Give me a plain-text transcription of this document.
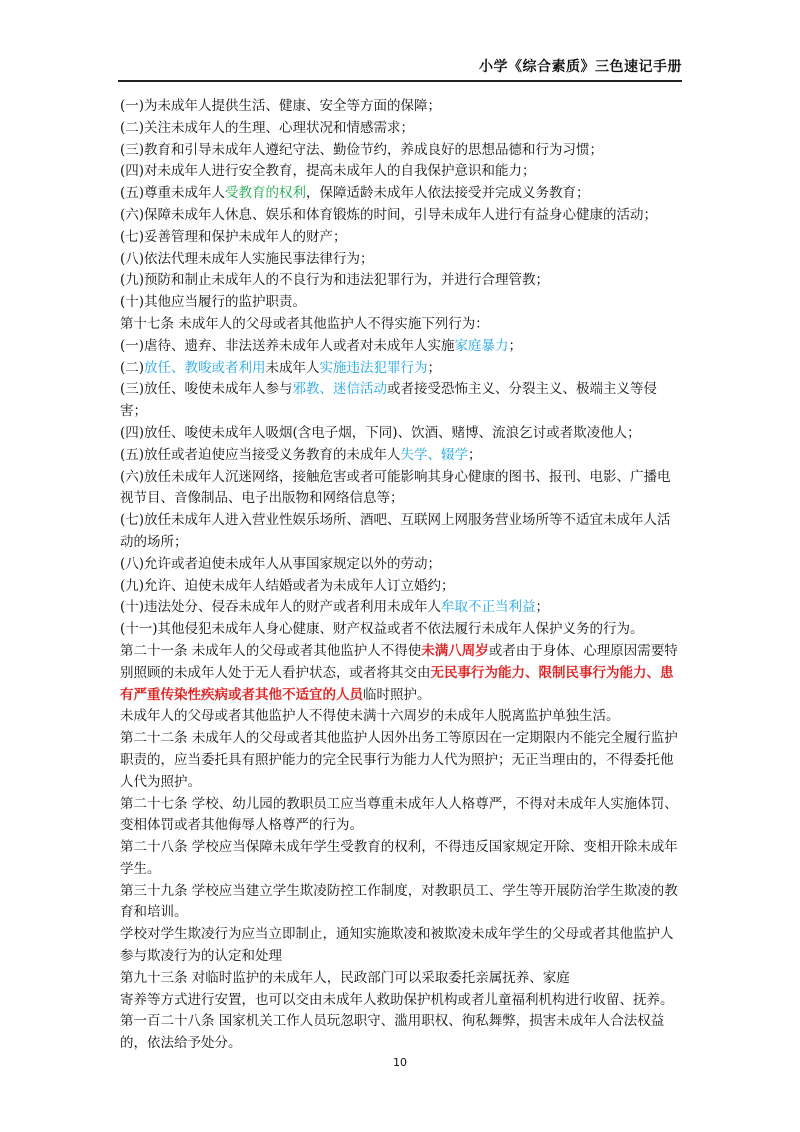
小学《综合素质》三色速记手册
(一)为未成年人提供生活、健康、安全等方面的保障；
(二)关注未成年人的生理、心理状况和情感需求；
(三)教育和引导未成年人遵纪守法、勤俭节约，养成良好的思想品德和行为习惯；
(四)对未成年人进行安全教育，提高未成年人的自我保护意识和能力；
(五)尊重未成年人受教育的权利，保障适龄未成年人依法接受并完成义务教育；
(六)保障未成年人休息、娱乐和体育锻炼的时间，引导未成年人进行有益身心健康的活动；
(七)妥善管理和保护未成年人的财产；
(八)依法代理未成年人实施民事法律行为；
(九)预防和制止未成年人的不良行为和违法犯罪行为，并进行合理管教；
(十)其他应当履行的监护职责。
第十七条 未成年人的父母或者其他监护人不得实施下列行为：
(一)虐待、遗弃、非法送养未成年人或者对未成年人实施家庭暴力；
(二)放任、教唆或者利用未成年人实施违法犯罪行为；
(三)放任、唆使未成年人参与邪教、迷信活动或者接受恐怖主义、分裂主义、极端主义等侵害；
(四)放任、唆使未成年人吸烟(含电子烟，下同)、饮酒、赌博、流浪乞讨或者欺凌他人；
(五)放任或者迫使应当接受义务教育的未成年人失学、辍学；
(六)放任未成年人沉迷网络，接触危害或者可能影响其身心健康的图书、报刊、电影、广播电视节目、音像制品、电子出版物和网络信息等；
(七)放任未成年人进入营业性娱乐场所、酒吧、互联网上网服务营业场所等不适宜未成年人活动的场所；
(八)允许或者迫使未成年人从事国家规定以外的劳动；
(九)允许、迫使未成年人结婚或者为未成年人订立婚约；
(十)违法处分、侵吞未成年人的财产或者利用未成年人牟取不正当利益；
(十一)其他侵犯未成年人身心健康、财产权益或者不依法履行未成年人保护义务的行为。
第二十一条 未成年人的父母或者其他监护人不得使未满八周岁或者由于身体、心理原因需要特别照顾的未成年人处于无人看护状态，或者将其交由无民事行为能力、限制民事行为能力、患有严重传染性疾病或者其他不适宜的人员临时照护。
未成年人的父母或者其他监护人不得使未满十六周岁的未成年人脱离监护单独生活。
第二十二条 未成年人的父母或者其他监护人因外出务工等原因在一定期限内不能完全履行监护职责的，应当委托具有照护能力的完全民事行为能力人代为照护；无正当理由的，不得委托他人代为照护。
第二十七条 学校、幼儿园的教职员工应当尊重未成年人人格尊严，不得对未成年人实施体罚、变相体罚或者其他侮辱人格尊严的行为。
第二十八条 学校应当保障未成年学生受教育的权利，不得违反国家规定开除、变相开除未成年学生。
第三十九条 学校应当建立学生欺凌防控工作制度，对教职员工、学生等开展防治学生欺凌的教育和培训。
学校对学生欺凌行为应当立即制止，通知实施欺凌和被欺凌未成年学生的父母或者其他监护人参与欺凌行为的认定和处理
第九十三条 对临时监护的未成年人，民政部门可以采取委托亲属抚养、家庭
寄养等方式进行安置，也可以交由未成年人救助保护机构或者儿童福利机构进行收留、抚养。
第一百二十八条 国家机关工作人员玩忽职守、滥用职权、徇私舞弊，损害未成年人合法权益的，依法给予处分。
10
